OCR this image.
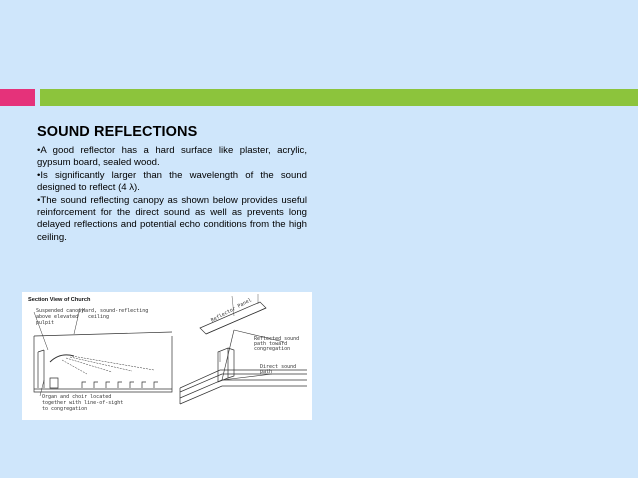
SOUND REFLECTIONS

•A good reflector has a hard surface like plaster, acrylic, gypsum board, sealed wood.

•Is significantly larger than the wavelength of the sound designed to reflect (4 λ).

•The sound reflecting canopy as shown below provides useful reinforcement for the direct sound as well as prevents long delayed reflections and potential echo conditions from the high ceiling.

Section View of Church
Suspended canopy
above elevated
pulpit
Hard, sound-reflecting
ceiling
Organ and choir located
together with line-of-sight
to congregation
Reflector Panel
Reflected sound
path toward
congregation
Direct sound
path
